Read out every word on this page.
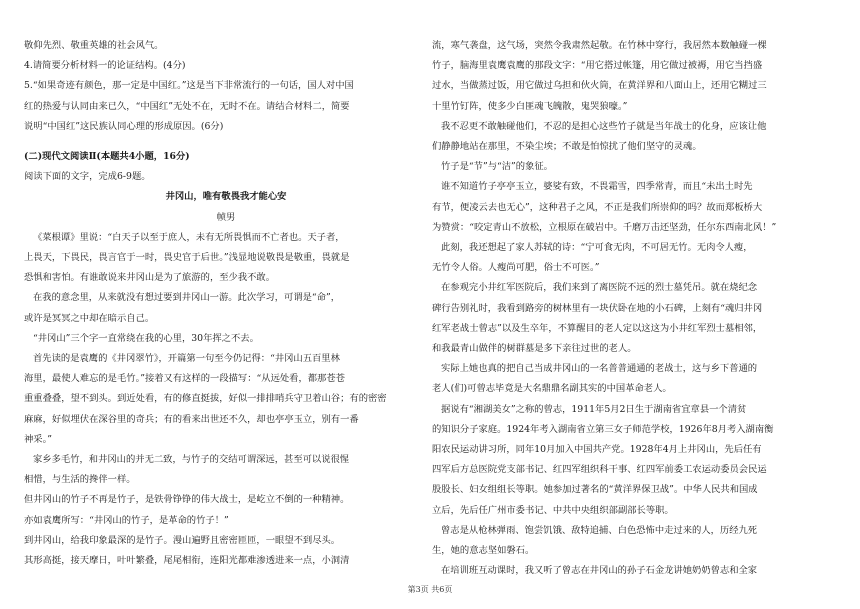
敬仰先烈、敬重英雄的社会风气。

4.请简要分析材料一的论证结构。(4分)

5.“如果奇迹有颜色，那一定是中国红。”这是当下非常流行的一句话，国人对中国

红的热爱与认同由来已久，“中国红”无处不在，无时不在。请结合材料二，简要

说明“中国红”这民族认同心理的形成原因。(6分)

(二)现代文阅读Ⅱ(本题共4小题，16分)

阅读下面的文字，完成6-9题。

井冈山，唯有敬畏我才能心安

帧男

《菜根谭》里说：“白天子以至于庶人，未有无所畏惧而不亡者也。天子者，

上畏天，下畏民，畏言官于一时，畏史官于后世。”浅显地说敬畏是敬重，畏就是

恐惧和害怕。有谁敢说来井冈山是为了旅游的，至少我不敢。

在我的意念里，从来就没有想过要到井冈山一游。此次学习，可谓是“命”，

或许是冥冥之中却在暗示自己。

“井冈山”三个字一直常绕在我的心里，30年挥之不去。

首先读的是袁鹰的《井冈翠竹》，开篇第一句至今仍记得：“井冈山五百里林

海里，最使人难忘的是毛竹。”接着又有这样的一段描写：“从远处看，都那苍苍

重重叠叠，望不到头。到近处看，有的修直挺拔，好似一排排哨兵守卫着山谷；有的密密

麻麻，好似埋伏在深谷里的奇兵；有的看来出世还不久，却也亭亭玉立，别有一番

神采。”

家乡多毛竹，和井冈山的并无二致，与竹子的交结可谓深远，甚至可以说很惺

相惜，与生活的搀伴一样。

但井冈山的竹子不再是竹子，是铁骨铮铮的伟大战士，是屹立不倒的一种精神。

亦如袁鹰所写：“井冈山的竹子，是革命的竹子！”

到井冈山，给我印象最深的是竹子。漫山遍野且密密匝匝，一眼望不到尽头。

其形高挺，接天摩日，叶叶繁叠，尾尾相衔，连阳光都难渗透进来一点，小洞清

流，寒气袭盘，这气场，突然令我肃然起敬。在竹林中穿行，我居然本数触碰一棵

竹子，脑海里袁鹰袁鹰的那段文字：“用它搭过帐篷，用它做过被褥，用它当挡盛

过水，当做蒸过饭，用它做过乌担和伙火筒，在黄洋界和八面山上，还用它糊过三

十里竹钉阵，使多少白匪魂飞魄散，鬼哭狼嚎。”

我不忍更不敢触碰他们，不忍的是担心这些竹子就是当年战士的化身，应该让他

们静静地站在那里，不染尘埃；不敢是怕惊扰了他们坚守的灵魂。

竹子是“节”与“洁”的象征。

谁不知道竹子亭亭玉立，婆娑有致，不畏霜雪，四季常青，而且“未出土时先

有节，便凌云去也无心”，这种君子之风，不正是我们所崇仰的吗？故而郑板桥大

为赞赏：“咬定青山不放松，立根原在破岩中。千磨万击还坚劲，任尔东西南北风！”

此刻，我还想起了家人苏轼的诗：“宁可食无肉，不可居无竹。无肉令人瘦，

无竹令人俗。人瘦尚可肥，俗士不可医。”

在参观完小井红军医院后，我们来到了离医院不远的烈士墓凭吊。就在烧纪念

碑行告别礼时，我看到路旁的树林里有一块伏卧在地的小石碑，上刻有“魂归井冈

红军老战士曾志”以及生卒年，不算醒目的老人定以这这为小井红军烈士墓相邻，

和我最青山做伴的树群墓是多下亲往过世的老人。

实际上她也真的把自己当成井冈山的一名普普通通的老战士，这与乡下普通的

老人(们)可曾志毕竟是大名鼎鼎名副其实的中国革命老人。

据说有“湘湖美女”之称的曾志，1911年5月2日生于湖南省宜章县一个清贫

的知识分子家庭。1924年考入湖南省立第三女子师范学校，1926年8月考入湖南衡

阳农民运动讲习所，同年10月加入中国共产党。1928年4月上井冈山，先后任有

四军后方总医院党支部书记、红四军组织科干事、红四军前委工农运动委员会民运

股股长、妇女组组长等职。她参加过著名的“黄洋界保卫战”。中华人民共和国成

立后，先后任广州市委书记、中共中央组织部副部长等职。

曾志是从枪林弹雨、饱尝饥饿、敌特追捕、白色恐怖中走过来的人，历经九死

生，她的意志坚如磐石。

在培训班互动课时，我又听了曾志在井冈山的孙子石金龙讲她奶奶曾志和全家

第3页 共6页
